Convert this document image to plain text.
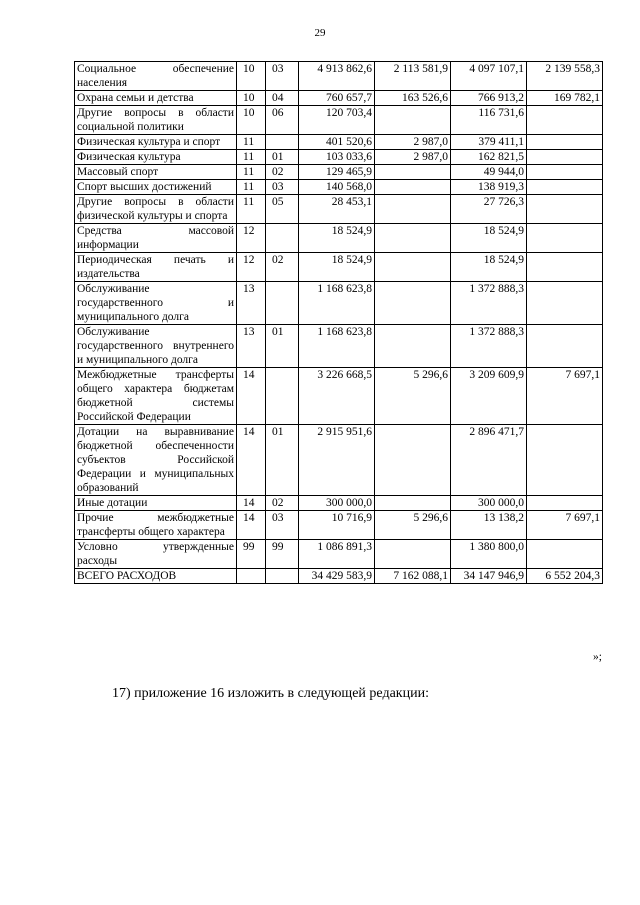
29
Социальное обеспечение населения	10	03	4 913 862,6	2 113 581,9	4 097 107,1	2 139 558,3
Охрана семьи и детства	10	04	760 657,7	163 526,6	766 913,2	169 782,1
Другие вопросы в области социальной политики	10	06	120 703,4		116 731,6	
Физическая культура и спорт	11		401 520,6	2 987,0	379 411,1	
Физическая культура	11	01	103 033,6	2 987,0	162 821,5	
Массовый спорт	11	02	129 465,9		49 944,0	
Спорт высших достижений	11	03	140 568,0		138 919,3	
Другие вопросы в области физической культуры и спорта	11	05	28 453,1		27 726,3	
Средства массовой информации	12		18 524,9		18 524,9	
Периодическая печать и издательства	12	02	18 524,9		18 524,9	
Обслуживание государственного и муниципального долга	13		1 168 623,8		1 372 888,3	
Обслуживание государственного внутреннего и муниципального долга	13	01	1 168 623,8		1 372 888,3	
Межбюджетные трансферты общего характера бюджетам бюджетной системы Российской Федерации	14		3 226 668,5	5 296,6	3 209 609,9	7 697,1
Дотации на выравнивание бюджетной обеспеченности субъектов Российской Федерации и муниципальных образований	14	01	2 915 951,6		2 896 471,7	
Иные дотации	14	02	300 000,0		300 000,0	
Прочие межбюджетные трансферты общего характера	14	03	10 716,9	5 296,6	13 138,2	7 697,1
Условно утвержденные расходы	99	99	1 086 891,3		1 380 800,0	
ВСЕГО РАСХОДОВ			34 429 583,9	7 162 088,1	34 147 946,9	6 552 204,3
»;
17) приложение 16 изложить в следующей редакции:
